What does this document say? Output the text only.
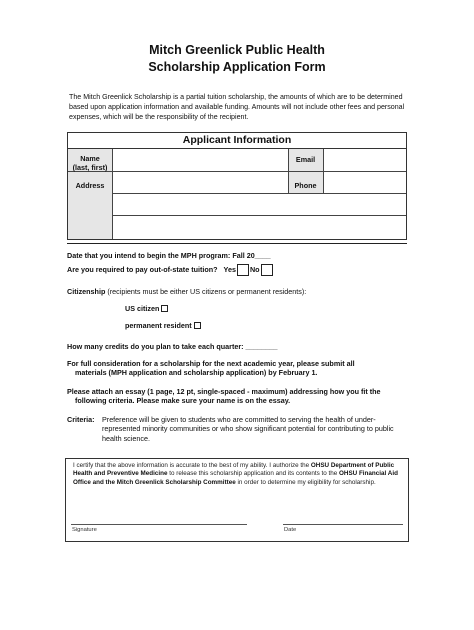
Mitch Greenlick Public Health
Scholarship Application Form
The Mitch Greenlick Scholarship is a partial tuition scholarship, the amounts of which are to be determined based upon application information and available funding. Amounts will not include other fees and personal expenses, which will be the responsibility of the recipient.
Applicant Information
Name
(last, first)
Email
Address	Phone
Date that you intend to begin the MPH program: Fall 20____
Are you required to pay out-of-state tuition? Yes No
Citizenship (recipients must be either US citizens or permanent residents):
US citizen
permanent resident
How many credits do you plan to take each quarter: ________
For full consideration for a scholarship for the next academic year, please submit all
materials (MPH application and scholarship application) by February 1.
Please attach an essay (1 page, 12 pt, single-spaced - maximum) addressing how you fit the
following criteria. Please make sure your name is on the essay.
Criteria: Preference will be given to students who are committed to serving the health of under-represented minority communities or who show significant potential for contributing to public health science.
I certify that the above information is accurate to the best of my ability. I authorize the OHSU Department of Public Health and Preventive Medicine to release this scholarship application and its contents to the OHSU Financial Aid Office and the Mitch Greenlick Scholarship Committee in order to determine my eligibility for scholarship.
Signature	Date
